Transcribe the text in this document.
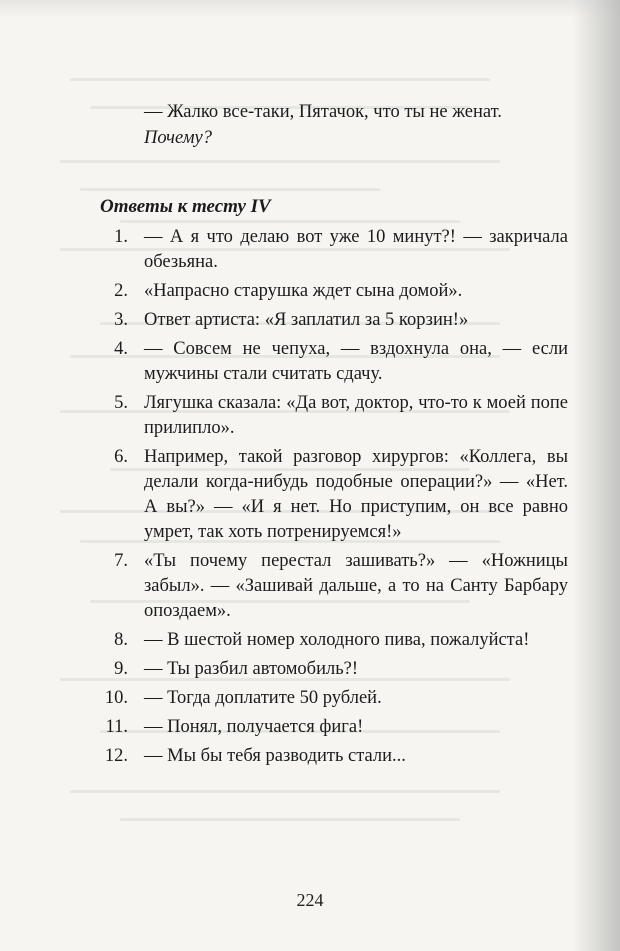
— Жалко все-таки, Пятачок, что ты не женат.

Почему?

Ответы к тесту IV
1. — А я что делаю вот уже 10 минут?! — закричала обезьяна.
2. «Напрасно старушка ждет сына домой».
3. Ответ артиста: «Я заплатил за 5 корзин!»
4. — Совсем не чепуха, — вздохнула она, — если мужчины стали считать сдачу.
5. Лягушка сказала: «Да вот, доктор, что-то к моей попе прилипло».
6. Например, такой разговор хирургов: «Коллега, вы делали когда-нибудь подобные операции?» — «Нет. А вы?» — «И я нет. Но приступим, он все равно умрет, так хоть потренируемся!»
7. «Ты почему перестал зашивать?» — «Ножницы забыл». — «Зашивай дальше, а то на Санту Барбару опоздаем».
8. — В шестой номер холодного пива, пожалуйста!
9. — Ты разбил автомобиль?!
10. — Тогда доплатите 50 рублей.
11. — Понял, получается фига!
12. — Мы бы тебя разводить стали...
224
